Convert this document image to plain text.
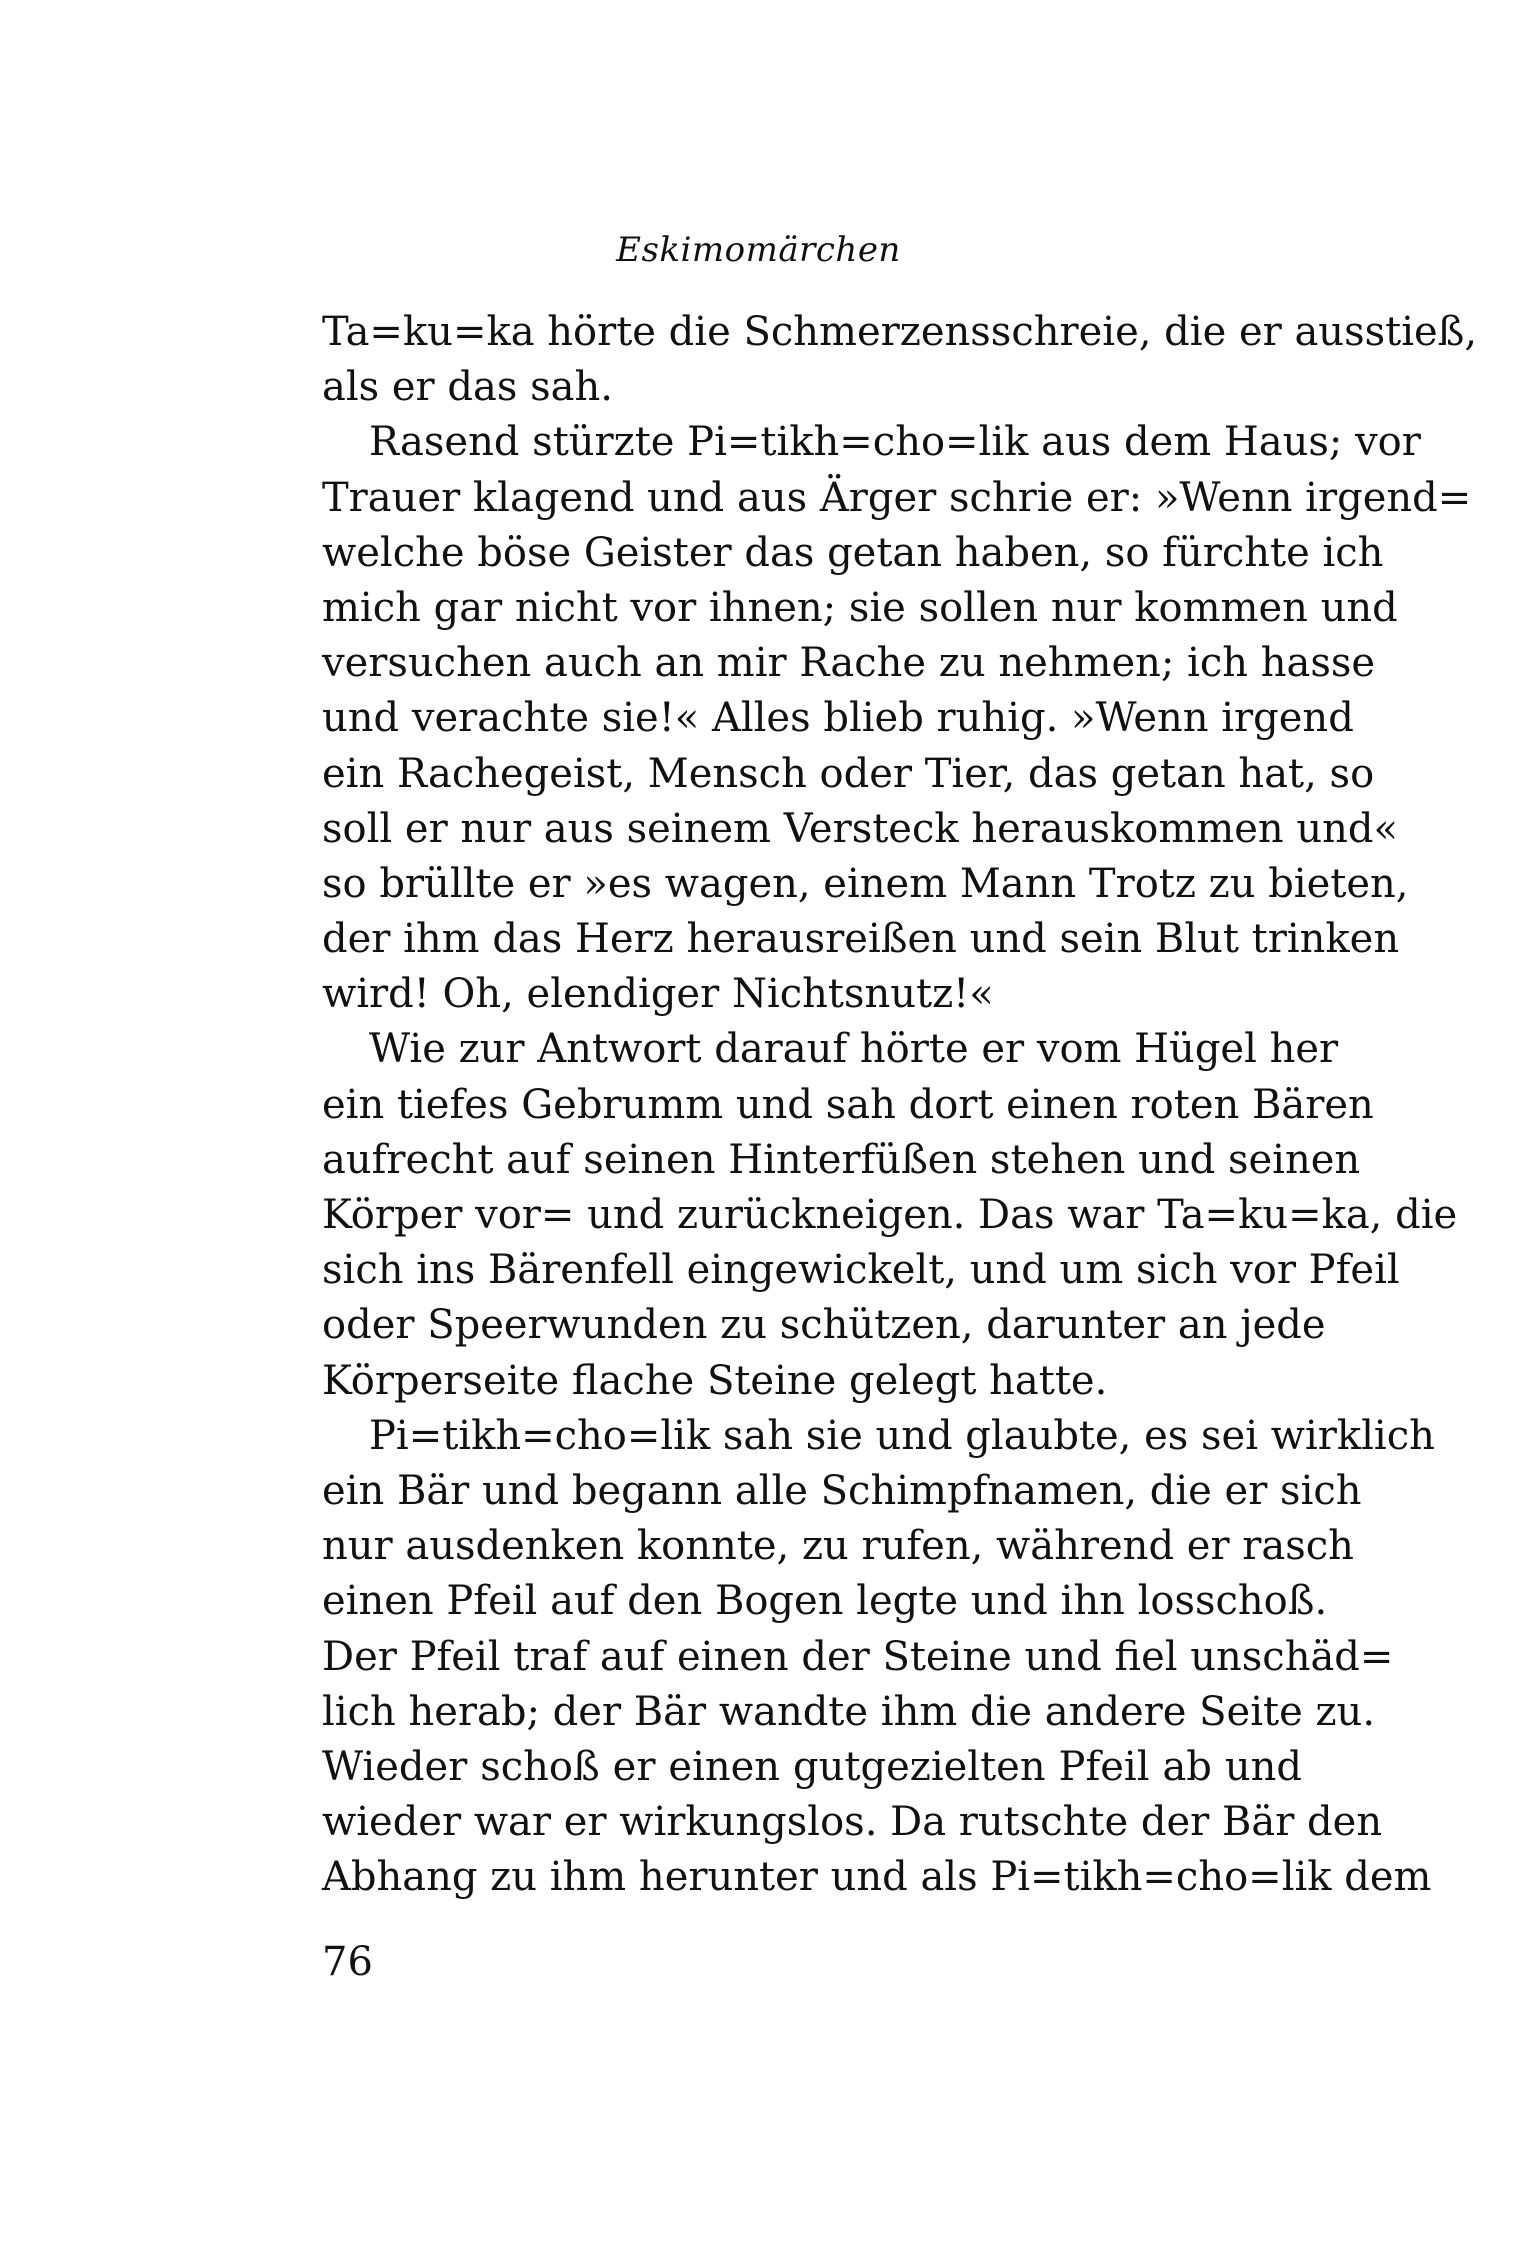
Eskimomärchen
Ta=ku=ka hörte die Schmerzensschreie, die er ausstieß,
als er das sah.
Rasend stürzte Pi=tikh=cho=lik aus dem Haus; vor
Trauer klagend und aus Ärger schrie er: »Wenn irgend=
welche böse Geister das getan haben, so fürchte ich
mich gar nicht vor ihnen; sie sollen nur kommen und
versuchen auch an mir Rache zu nehmen; ich hasse
und verachte sie!« Alles blieb ruhig. »Wenn irgend
ein Rachegeist, Mensch oder Tier, das getan hat, so
soll er nur aus seinem Versteck herauskommen und«
so brüllte er »es wagen, einem Mann Trotz zu bieten,
der ihm das Herz herausreißen und sein Blut trinken
wird! Oh, elendiger Nichtsnutz!«
Wie zur Antwort darauf hörte er vom Hügel her
ein tiefes Gebrumm und sah dort einen roten Bären
aufrecht auf seinen Hinterfüßen stehen und seinen
Körper vor= und zurückneigen. Das war Ta=ku=ka, die
sich ins Bärenfell eingewickelt, und um sich vor Pfeil
oder Speerwunden zu schützen, darunter an jede
Körperseite flache Steine gelegt hatte.
Pi=tikh=cho=lik sah sie und glaubte, es sei wirklich
ein Bär und begann alle Schimpfnamen, die er sich
nur ausdenken konnte, zu rufen, während er rasch
einen Pfeil auf den Bogen legte und ihn losschoß.
Der Pfeil traf auf einen der Steine und fiel unschäd=
lich herab; der Bär wandte ihm die andere Seite zu.
Wieder schoß er einen gutgezielten Pfeil ab und
wieder war er wirkungslos. Da rutschte der Bär den
Abhang zu ihm herunter und als Pi=tikh=cho=lik dem
76
